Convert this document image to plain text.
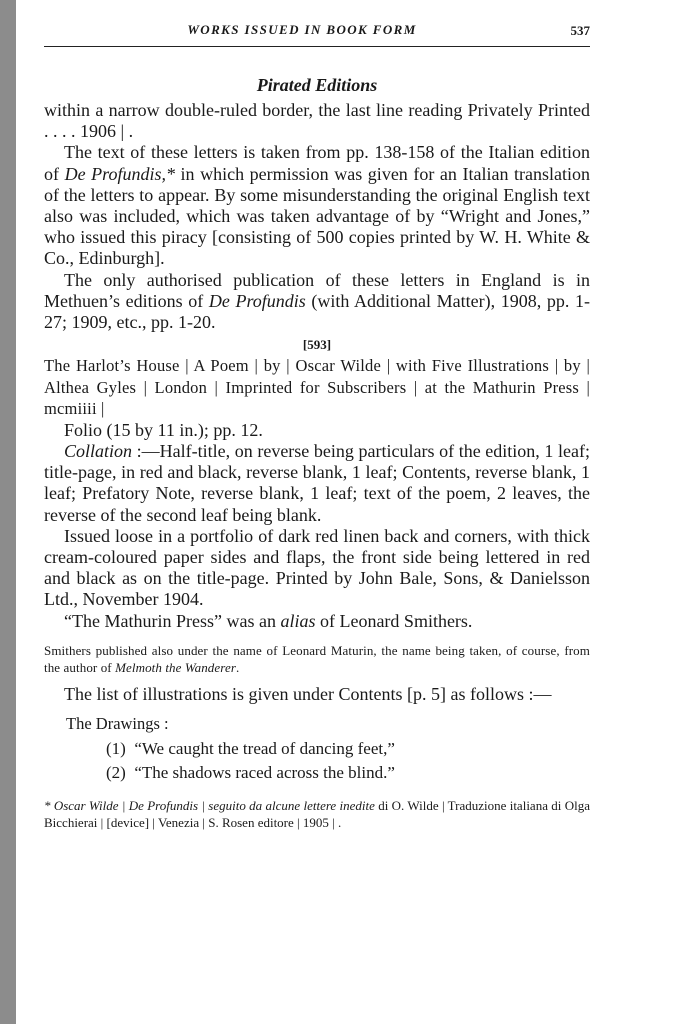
WORKS ISSUED IN BOOK FORM	537
Pirated Editions

within a narrow double-ruled border, the last line reading Privately Printed . . . . 1906 | .

The text of these letters is taken from pp. 138-158 of the Italian edition of De Profundis,* in which permission was given for an Italian translation of the letters to appear. By some misunderstanding the original English text also was included, which was taken advantage of by “Wright and Jones,” who issued this piracy [consisting of 500 copies printed by W. H. White & Co., Edinburgh].

The only authorised publication of these letters in England is in Methuen’s editions of De Profundis (with Additional Matter), 1908, pp. 1-27; 1909, etc., pp. 1-20.

[593]

The Harlot’s House | A Poem | by | Oscar Wilde | with Five Illustrations | by | Althea Gyles | London | Imprinted for Subscribers | at the Mathurin Press | mcmiiii |

Folio (15 by 11 in.); pp. 12.

Collation :—Half-title, on reverse being particulars of the edition, 1 leaf; title-page, in red and black, reverse blank, 1 leaf; Contents, reverse blank, 1 leaf; Prefatory Note, reverse blank, 1 leaf; text of the poem, 2 leaves, the reverse of the second leaf being blank.

Issued loose in a portfolio of dark red linen back and corners, with thick cream-coloured paper sides and flaps, the front side being lettered in red and black as on the title-page. Printed by John Bale, Sons, & Danielsson Ltd., November 1904.

“The Mathurin Press” was an alias of Leonard Smithers.

Smithers published also under the name of Leonard Maturin, the name being taken, of course, from the author of Melmoth the Wanderer.

The list of illustrations is given under Contents [p. 5] as follows :—

The Drawings :
(1) “We caught the tread of dancing feet,”
(2) “The shadows raced across the blind.”

* Oscar Wilde | De Profundis | seguito da alcune lettere inedite di O. Wilde | Traduzione italiana di Olga Bicchierai | [device] | Venezia | S. Rosen editore | 1905 | .
